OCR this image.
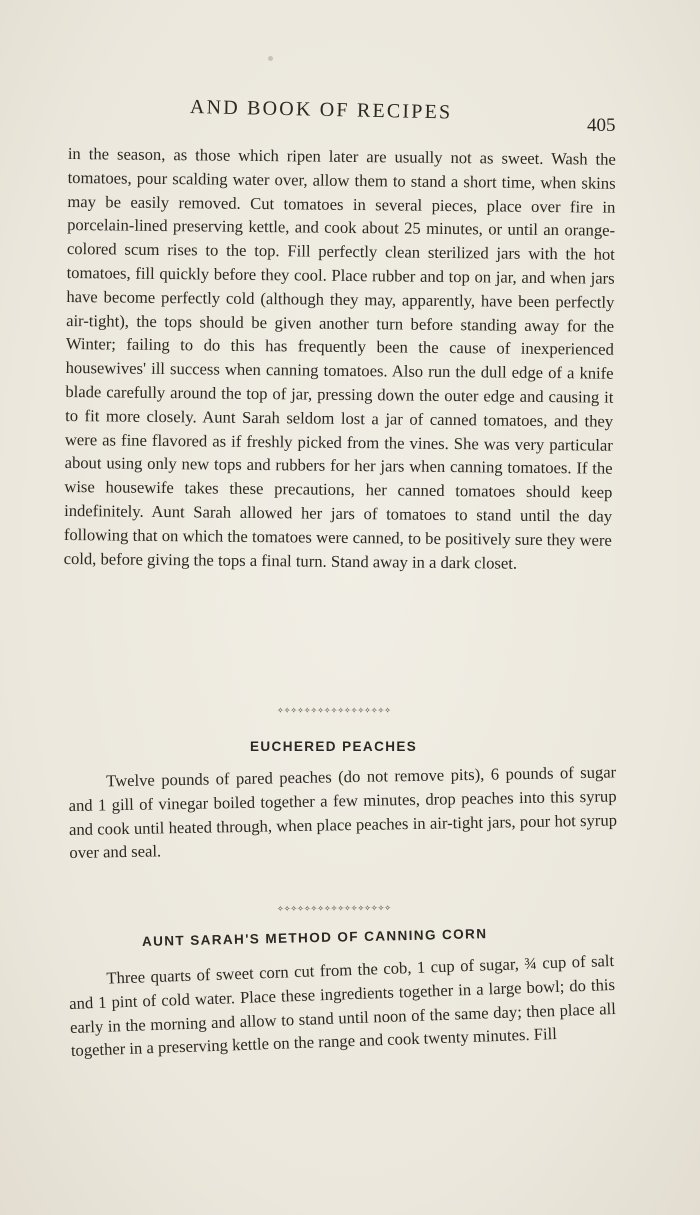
AND BOOK OF RECIPES
405

in the season, as those which ripen later are usually not as sweet. Wash the tomatoes, pour scalding water over, allow them to stand a short time, when skins may be easily removed. Cut tomatoes in several pieces, place over fire in porcelain-lined preserving kettle, and cook about 25 minutes, or until an orange-colored scum rises to the top. Fill perfectly clean sterilized jars with the hot tomatoes, fill quickly before they cool. Place rubber and top on jar, and when jars have become perfectly cold (although they may, apparently, have been perfectly air-tight), the tops should be given another turn before standing away for the Winter; failing to do this has frequently been the cause of inexperienced housewives' ill success when canning tomatoes. Also run the dull edge of a knife blade carefully around the top of jar, pressing down the outer edge and causing it to fit more closely. Aunt Sarah seldom lost a jar of canned tomatoes, and they were as fine flavored as if freshly picked from the vines. She was very particular about using only new tops and rubbers for her jars when canning tomatoes. If the wise housewife takes these precautions, her canned tomatoes should keep indefinitely. Aunt Sarah allowed her jars of tomatoes to stand until the day following that on which the tomatoes were canned, to be positively sure they were cold, before giving the tops a final turn. Stand away in a dark closet.

✧✧✧✧✧✧✧✧✧✧✧✧✧✧✧✧✧
EUCHERED PEACHES

Twelve pounds of pared peaches (do not remove pits), 6 pounds of sugar and 1 gill of vinegar boiled together a few minutes, drop peaches into this syrup and cook until heated through, when place peaches in air-tight jars, pour hot syrup over and seal.

✧✧✧✧✧✧✧✧✧✧✧✧✧✧✧✧✧
AUNT SARAH'S METHOD OF CANNING CORN

Three quarts of sweet corn cut from the cob, 1 cup of sugar, ¾ cup of salt and 1 pint of cold water. Place these ingredients together in a large bowl; do this early in the morning and allow to stand until noon of the same day; then place all together in a preserving kettle on the range and cook twenty minutes. Fill
